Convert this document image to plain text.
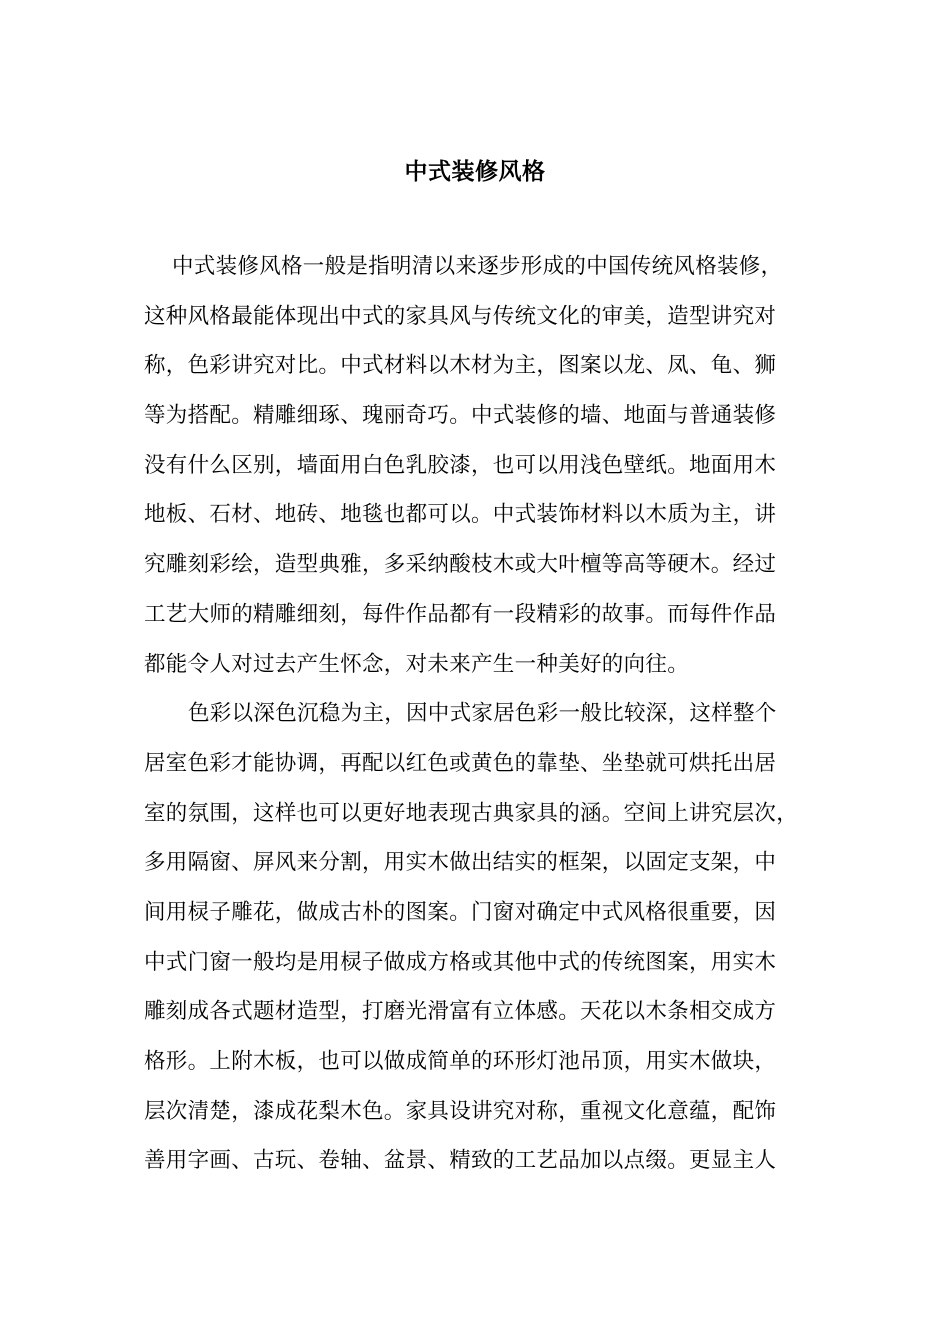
中式装修风格
中式装修风格一般是指明清以来逐步形成的中国传统风格装修，
这种风格最能体现出中式的家具风与传统文化的审美，造型讲究对
称，色彩讲究对比。中式材料以木材为主，图案以龙、凤、龟、狮
等为搭配。精雕细琢、瑰丽奇巧。中式装修的墙、地面与普通装修
没有什么区别，墙面用白色乳胶漆，也可以用浅色壁纸。地面用木
地板、石材、地砖、地毯也都可以。中式装饰材料以木质为主，讲
究雕刻彩绘，造型典雅，多采纳酸枝木或大叶檀等高等硬木。经过
工艺大师的精雕细刻，每件作品都有一段精彩的故事。而每件作品
都能令人对过去产生怀念，对未来产生一种美好的向往。
色彩以深色沉稳为主，因中式家居色彩一般比较深，这样整个
居室色彩才能协调，再配以红色或黄色的靠垫、坐垫就可烘托出居
室的氛围，这样也可以更好地表现古典家具的涵。空间上讲究层次，
多用隔窗、屏风来分割，用实木做出结实的框架，以固定支架，中
间用棂子雕花，做成古朴的图案。门窗对确定中式风格很重要，因
中式门窗一般均是用棂子做成方格或其他中式的传统图案，用实木
雕刻成各式题材造型，打磨光滑富有立体感。天花以木条相交成方
格形。上附木板，也可以做成简单的环形灯池吊顶，用实木做块，
层次清楚，漆成花梨木色。家具设讲究对称，重视文化意蕴，配饰
善用字画、古玩、卷轴、盆景、精致的工艺品加以点缀。更显主人
